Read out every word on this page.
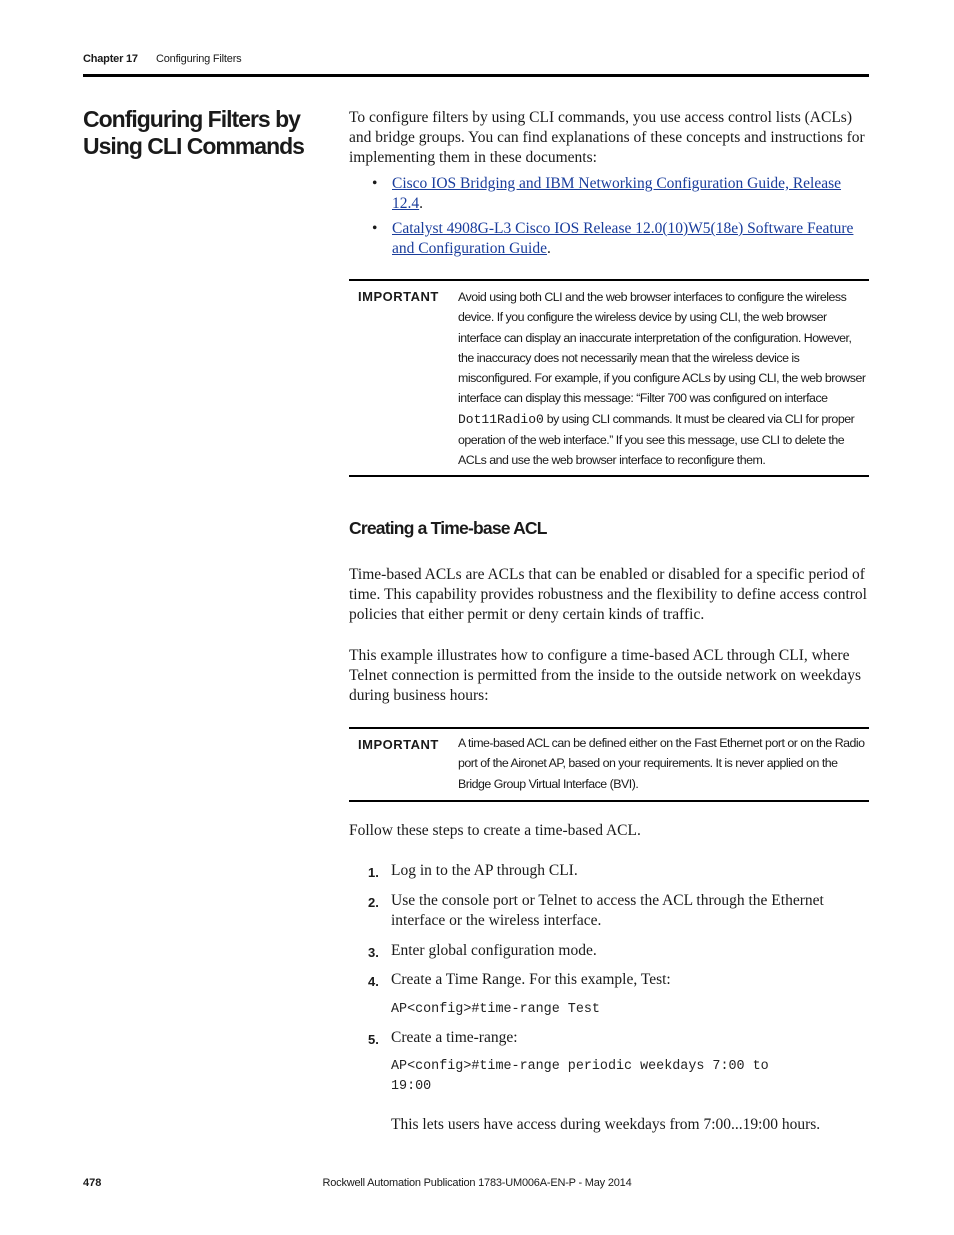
Chapter 17 Configuring Filters
Configuring Filters by Using CLI Commands

To configure filters by using CLI commands, you use access control lists (ACLs) and bridge groups. You can find explanations of these concepts and instructions for implementing them in these documents:

• Cisco IOS Bridging and IBM Networking Configuration Guide, Release 12.4.
• Catalyst 4908G-L3 Cisco IOS Release 12.0(10)W5(18e) Software Feature and Configuration Guide.
IMPORTANT Avoid using both CLI and the web browser interfaces to configure the wireless device. If you configure the wireless device by using CLI, the web browser interface can display an inaccurate interpretation of the configuration. However, the inaccuracy does not necessarily mean that the wireless device is misconfigured. For example, if you configure ACLs by using CLI, the web browser interface can display this message: “Filter 700 was configured on interface Dot11Radio0 by using CLI commands. It must be cleared via CLI for proper operation of the web interface.” If you see this message, use CLI to delete the ACLs and use the web browser interface to reconfigure them.
Creating a Time-base ACL

Time-based ACLs are ACLs that can be enabled or disabled for a specific period of time. This capability provides robustness and the flexibility to define access control policies that either permit or deny certain kinds of traffic.

This example illustrates how to configure a time-based ACL through CLI, where Telnet connection is permitted from the inside to the outside network on weekdays during business hours:

IMPORTANT A time-based ACL can be defined either on the Fast Ethernet port or on the Radio port of the Aironet AP, based on your requirements. It is never applied on the Bridge Group Virtual Interface (BVI).

Follow these steps to create a time-based ACL.

1. Log in to the AP through CLI.
2. Use the console port or Telnet to access the ACL through the Ethernet interface or the wireless interface.
3. Enter global configuration mode.
4. Create a Time Range. For this example, Test:
AP<config>#time-range Test
5. Create a time-range:
AP<config>#time-range periodic weekdays 7:00 to
19:00

This lets users have access during weekdays from 7:00...19:00 hours.

478	Rockwell Automation Publication 1783-UM006A-EN-P - May 2014
